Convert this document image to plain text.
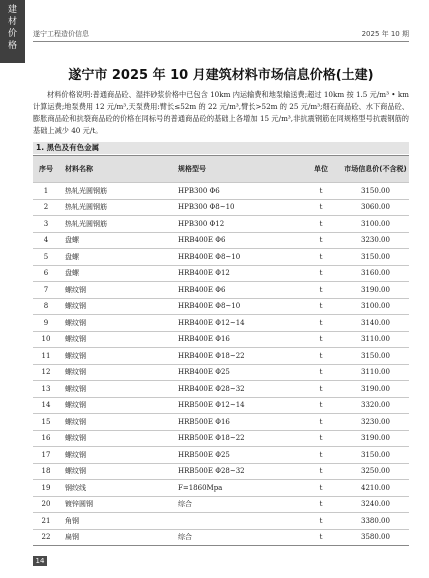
建
材
价
格
遂宁工程造价信息	2025 年 10 期
遂宁市 2025 年 10 月建筑材料市场信息价格(土建)

材料价格说明:普通商品砼、湿拌砂浆价格中已包含 10km 内运输费和地泵输送费;超过 10km 按 1.5 元/m³ • km 计算运费;地泵费用 12 元/m³,天泵费用:臂长≤52m 的 22 元/m³,臂长>52m 的 25 元/m³;细石商品砼、水下商品砼、膨胀商品砼和抗裂商品砼的价格在同标号的普通商品砼的基础上各增加 15 元/m³,非抗震钢筋在同规格型号抗震钢筋的基础上减少 40 元/t。

1. 黑色及有色金属
序号	材料名称	规格型号	单位	市场信息价(不含税)
1	热轧光圆钢筋	HPB300 Φ6	t	3150.00
2	热轧光圆钢筋	HPB300 Φ8~10	t	3060.00
3	热轧光圆钢筋	HPB300 Φ12	t	3100.00
4	盘螺	HRB400E Φ6	t	3230.00
5	盘螺	HRB400E Φ8~10	t	3150.00
6	盘螺	HRB400E Φ12	t	3160.00
7	螺纹钢	HRB400E Φ6	t	3190.00
8	螺纹钢	HRB400E Φ8~10	t	3100.00
9	螺纹钢	HRB400E Φ12~14	t	3140.00
10	螺纹钢	HRB400E Φ16	t	3110.00
11	螺纹钢	HRB400E Φ18~22	t	3150.00
12	螺纹钢	HRB400E Φ25	t	3110.00
13	螺纹钢	HRB400E Φ28~32	t	3190.00
14	螺纹钢	HRB500E Φ12~14	t	3320.00
15	螺纹钢	HRB500E Φ16	t	3230.00
16	螺纹钢	HRB500E Φ18~22	t	3190.00
17	螺纹钢	HRB500E Φ25	t	3150.00
18	螺纹钢	HRB500E Φ28~32	t	3250.00
19	钢绞线	F=1860Mpa	t	4210.00
20	镀锌圆钢	综合	t	3240.00
21	角钢		t	3380.00
22	扁钢	综合	t	3580.00
14
